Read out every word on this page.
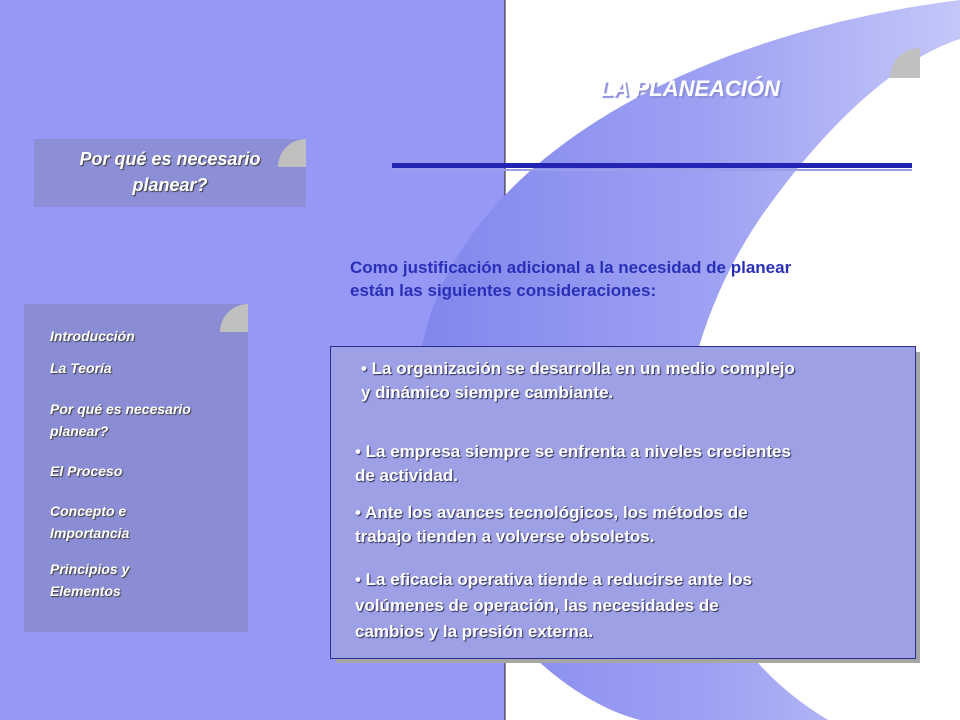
LA PLANEACIÓN
Por qué es necesario
planear?
Introducción
La Teoría
Por qué es necesario
planear?
El Proceso
Concepto e
Importancia
Principios y
Elementos
Como justificación adicional a la necesidad de planear
están las siguientes consideraciones:
• La organización se desarrolla en un medio complejo
y dinámico siempre cambiante.
• La empresa siempre se enfrenta a niveles crecientes
de actividad.
• Ante los avances tecnológicos, los métodos de
trabajo tienden a volverse obsoletos.
• La eficacia operativa tiende a reducirse ante los
volúmenes de operación, las necesidades de
cambios y la presión externa.
